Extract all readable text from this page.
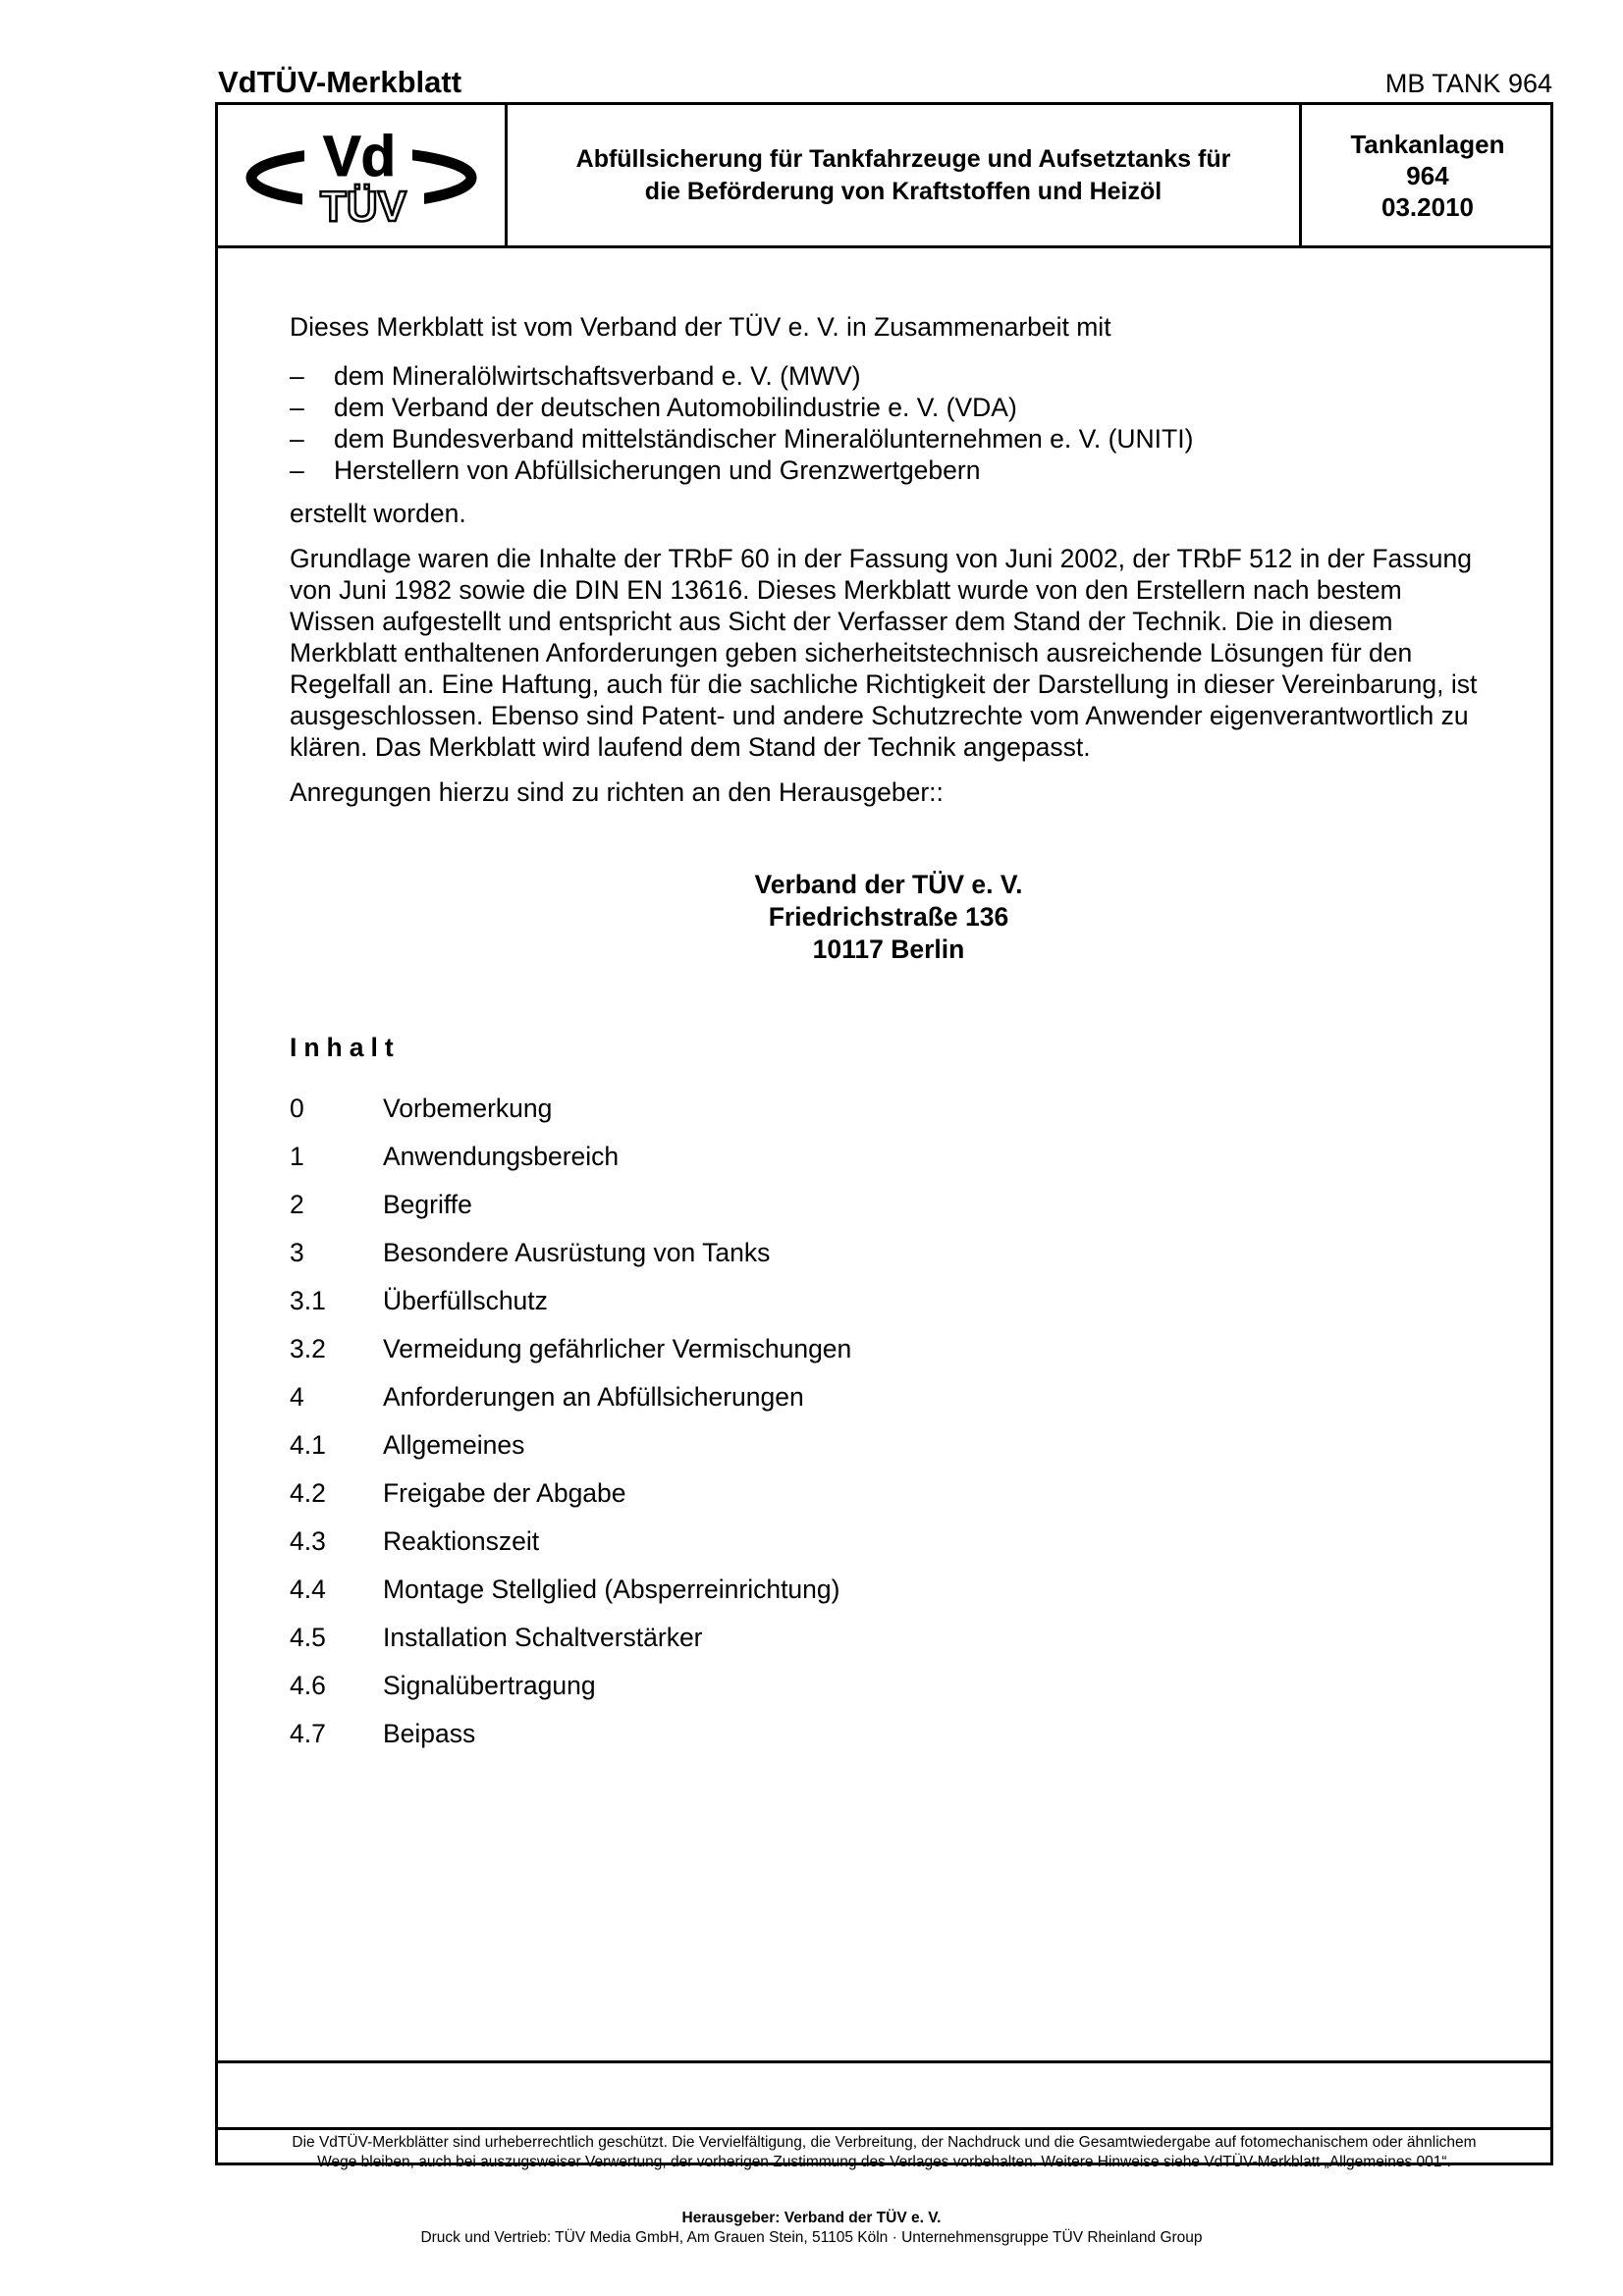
VdTÜV-Merkblatt	MB TANK 964
Vd
TÜV
Abfüllsicherung für Tankfahrzeuge und Aufsetztanks für
die Beförderung von Kraftstoffen und Heizöl
Tankanlagen
964
03.2010

Dieses Merkblatt ist vom Verband der TÜV e. V. in Zusammenarbeit mit

– dem Mineralölwirtschaftsverband e. V. (MWV)
– dem Verband der deutschen Automobilindustrie e. V. (VDA)
– dem Bundesverband mittelständischer Mineralölunternehmen e. V. (UNITI)
– Herstellern von Abfüllsicherungen und Grenzwertgebern

erstellt worden.

Grundlage waren die Inhalte der TRbF 60 in der Fassung von Juni 2002, der TRbF 512 in der Fassung von Juni 1982 sowie die DIN EN 13616. Dieses Merkblatt wurde von den Erstellern nach bestem Wissen aufgestellt und entspricht aus Sicht der Verfasser dem Stand der Technik. Die in diesem Merkblatt enthaltenen Anforderungen geben sicherheitstechnisch ausreichende Lösungen für den Regelfall an. Eine Haftung, auch für die sachliche Richtigkeit der Darstellung in dieser Vereinbarung, ist ausgeschlossen. Ebenso sind Patent- und andere Schutzrechte vom Anwender eigenverantwortlich zu klären. Das Merkblatt wird laufend dem Stand der Technik angepasst.

Anregungen hierzu sind zu richten an den Herausgeber::

Verband der TÜV e. V.
Friedrichstraße 136
10117 Berlin
Inhalt
0	Vorbemerkung
1	Anwendungsbereich
2	Begriffe
3	Besondere Ausrüstung von Tanks
3.1 Überfüllschutz
3.2 Vermeidung gefährlicher Vermischungen
4	Anforderungen an Abfüllsicherungen
4.1 Allgemeines
4.2 Freigabe der Abgabe
4.3 Reaktionszeit
4.4 Montage Stellglied (Absperreinrichtung)
4.5 Installation Schaltverstärker
4.6 Signalübertragung
4.7 Beipass
Die VdTÜV-Merkblätter sind urheberrechtlich geschützt. Die Vervielfältigung, die Verbreitung, der Nachdruck und die Gesamtwiedergabe auf fotomechanischem oder ähnlichem
Wege bleiben, auch bei auszugsweiser Verwertung, der vorherigen Zustimmung des Verlages vorbehalten. Weitere Hinweise siehe VdTÜV-Merkblatt „Allgemeines 001“.
Herausgeber: Verband der TÜV e. V.
Druck und Vertrieb: TÜV Media GmbH, Am Grauen Stein, 51105 Köln · Unternehmensgruppe TÜV Rheinland Group
